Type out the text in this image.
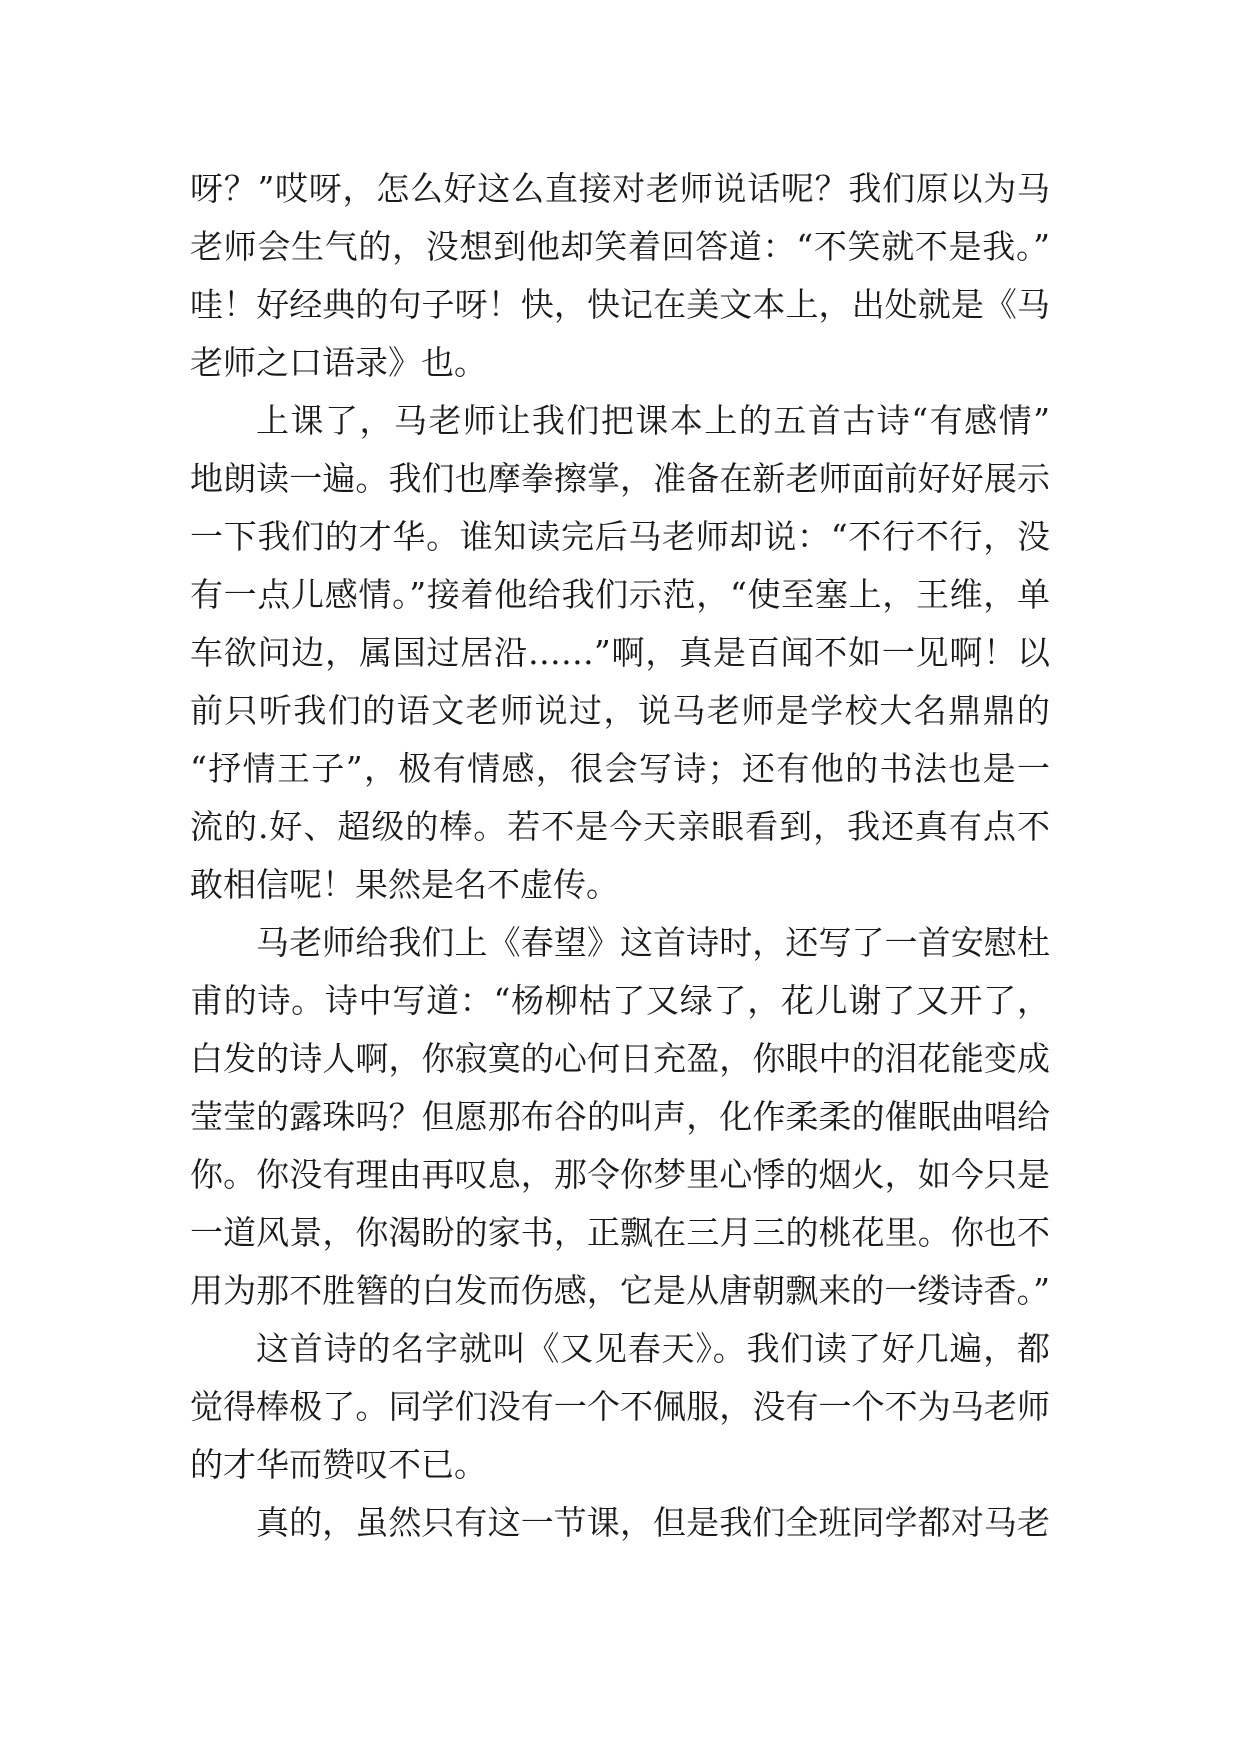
呀？”哎呀，怎么好这么直接对老师说话呢？我们原以为马
老师会生气的，没想到他却笑着回答道：“不笑就不是我。”
哇！好经典的句子呀！快，快记在美文本上，出处就是《马
老师之口语录》也。
上课了，马老师让我们把课本上的五首古诗“有感情”
地朗读一遍。我们也摩拳擦掌，准备在新老师面前好好展示
一下我们的才华。谁知读完后马老师却说：“不行不行，没
有一点儿感情。”接着他给我们示范，“使至塞上，王维，单
车欲问边，属国过居沿……”啊，真是百闻不如一见啊！以
前只听我们的语文老师说过，说马老师是学校大名鼎鼎的
“抒情王子”，极有情感，很会写诗；还有他的书法也是一
流的.好、超级的棒。若不是今天亲眼看到，我还真有点不
敢相信呢！果然是名不虚传。
马老师给我们上《春望》这首诗时，还写了一首安慰杜
甫的诗。诗中写道：“杨柳枯了又绿了，花儿谢了又开了，
白发的诗人啊，你寂寞的心何日充盈，你眼中的泪花能变成
莹莹的露珠吗？但愿那布谷的叫声，化作柔柔的催眠曲唱给
你。你没有理由再叹息，那令你梦里心悸的烟火，如今只是
一道风景，你渴盼的家书，正飘在三月三的桃花里。你也不
用为那不胜簪的白发而伤感，它是从唐朝飘来的一缕诗香。”
这首诗的名字就叫《又见春天》。我们读了好几遍，都
觉得棒极了。同学们没有一个不佩服，没有一个不为马老师
的才华而赞叹不已。
真的，虽然只有这一节课，但是我们全班同学都对马老
